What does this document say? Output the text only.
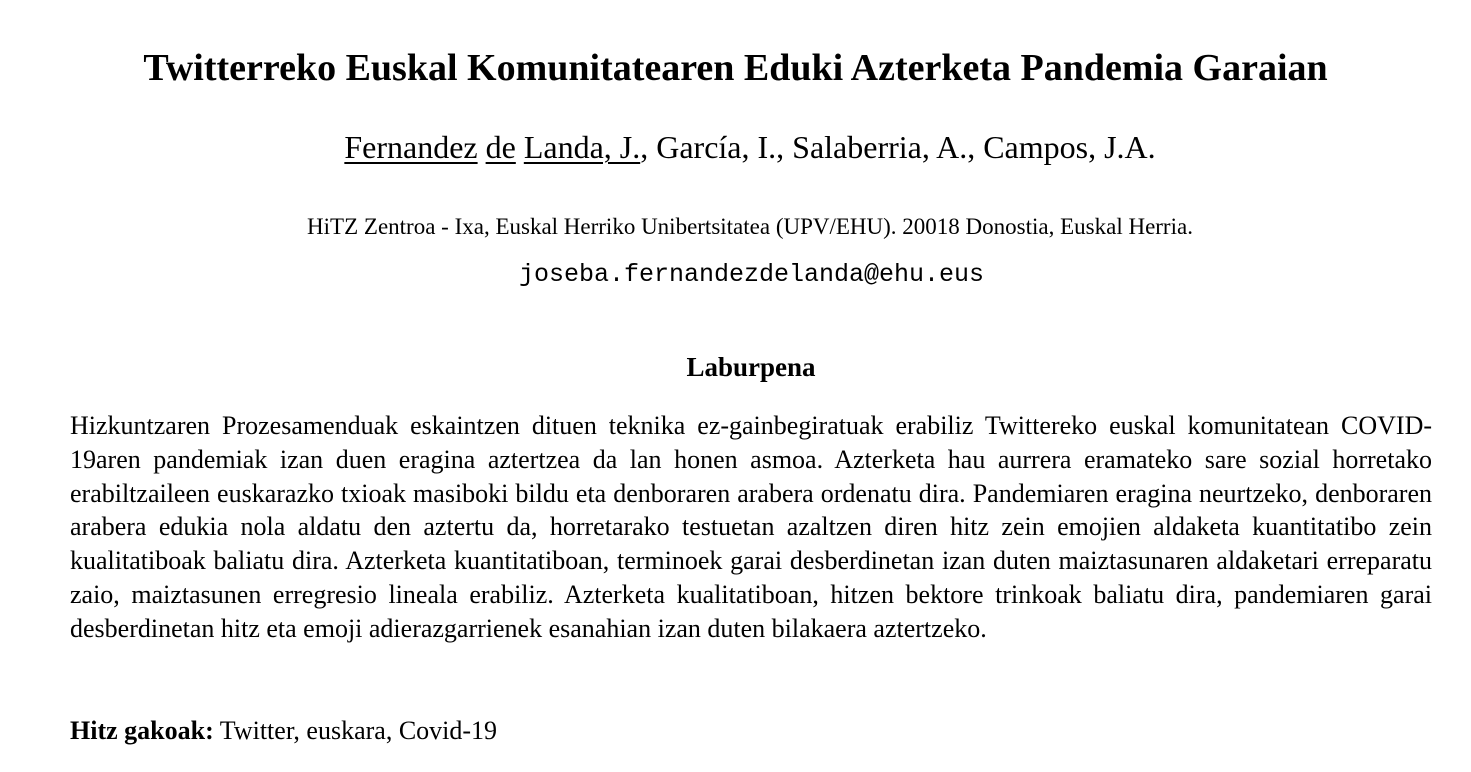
Twitterreko Euskal Komunitatearen Eduki Azterketa Pandemia Garaian
Fernandez de Landa, J., García, I., Salaberria, A., Campos, J.A.
HiTZ Zentroa - Ixa, Euskal Herriko Unibertsitatea (UPV/EHU). 20018 Donostia, Euskal Herria.
joseba.fernandezdelanda@ehu.eus
Laburpena

Hizkuntzaren Prozesamenduak eskaintzen dituen teknika ez-gainbegiratuak erabiliz Twittereko euskal komunitatean COVID-19aren pandemiak izan duen eragina aztertzea da lan honen asmoa. Azterketa hau aurrera eramateko sare sozial horretako erabiltzaileen euskarazko txioak masiboki bildu eta denboraren arabera ordenatu dira. Pandemiaren eragina neurtzeko, denboraren arabera edukia nola aldatu den aztertu da, horretarako testuetan azaltzen diren hitz zein emojien aldaketa kuantitatibo zein kualitatiboak baliatu dira. Azterketa kuantitatiboan, terminoek garai desberdinetan izan duten maiztasunaren aldaketari erreparatu zaio, maiztasunen erregresio lineala erabiliz. Azterketa kualitatiboan, hitzen bektore trinkoak baliatu dira, pandemiaren garai desberdinetan hitz eta emoji adierazgarrienek esanahian izan duten bilakaera aztertzeko.

Hitz gakoak: Twitter, euskara, Covid-19
